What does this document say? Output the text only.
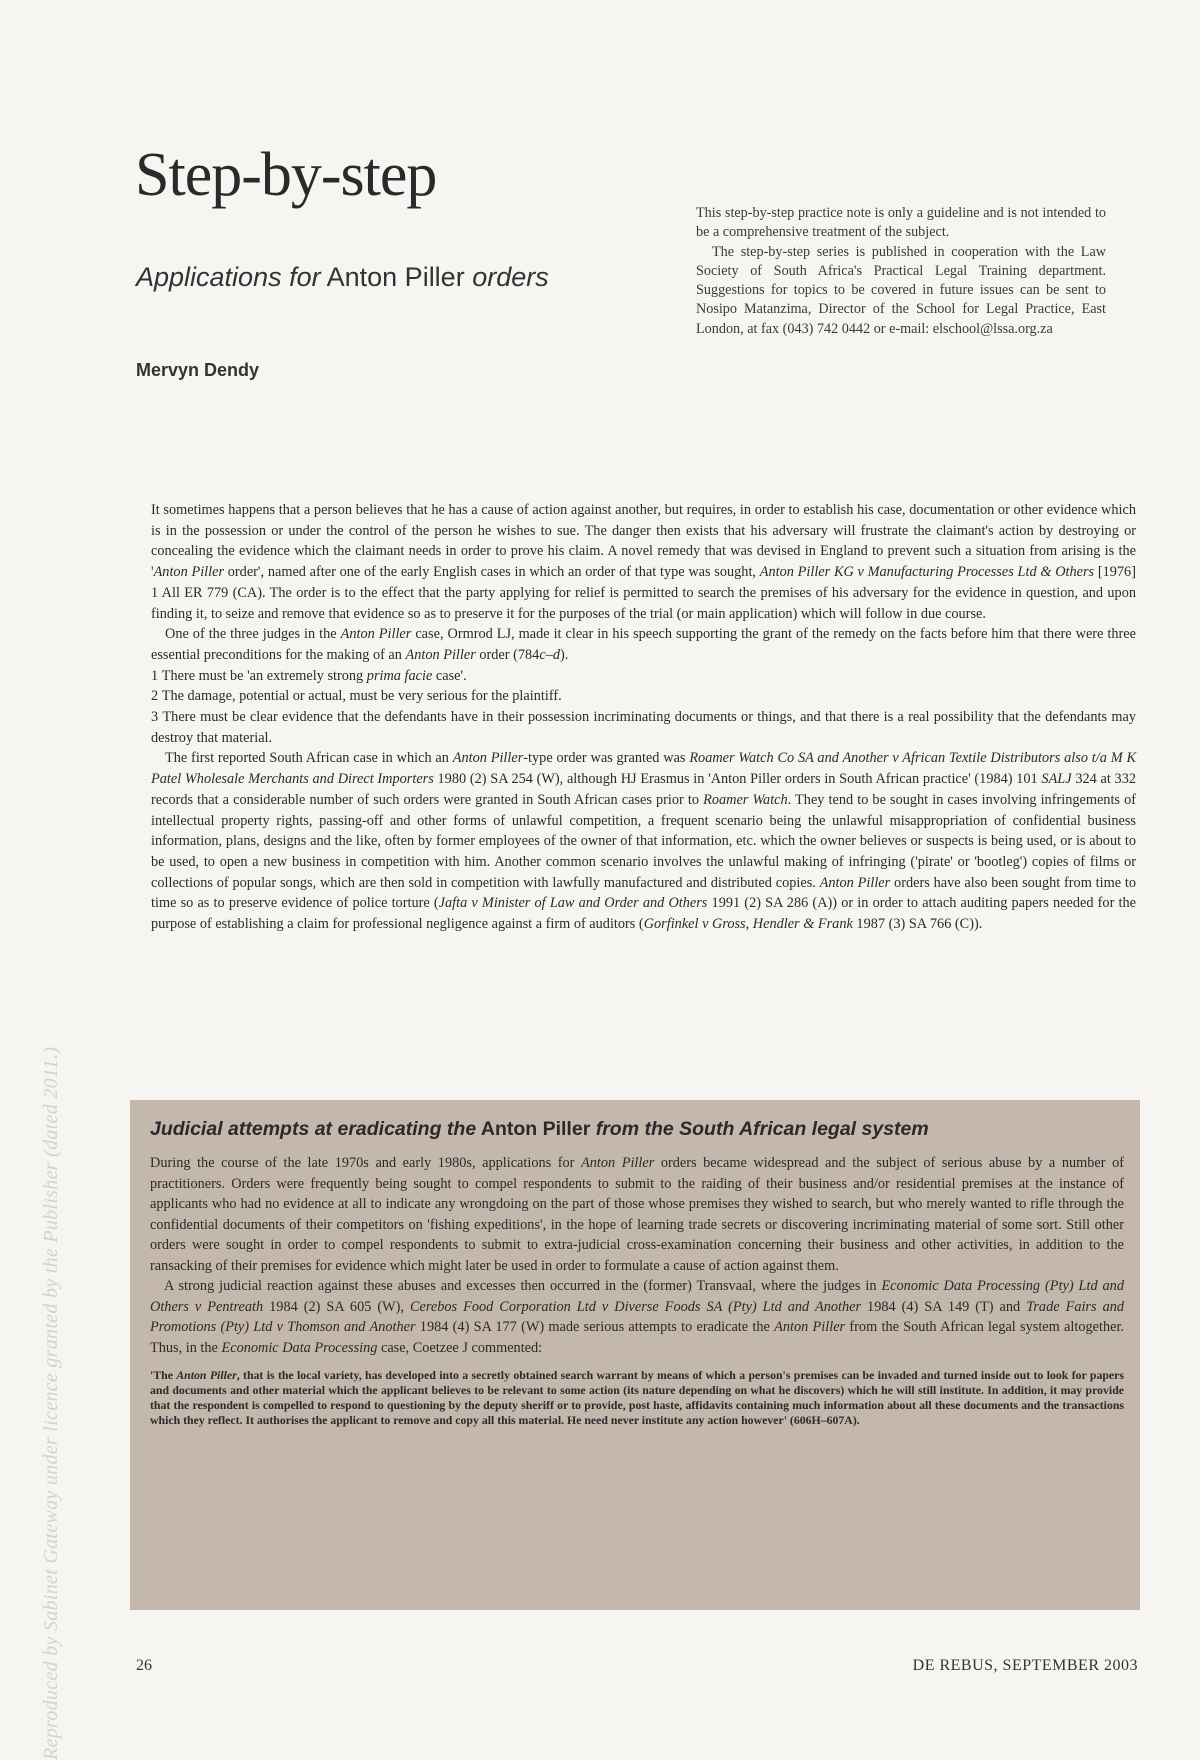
Step-by-step
Applications for Anton Piller orders
Mervyn Dendy

This step-by-step practice note is only a guideline and is not intended to be a comprehensive treatment of the subject.

The step-by-step series is published in cooperation with the Law Society of South Africa's Practical Legal Training department. Suggestions for topics to be covered in future issues can be sent to Nosipo Matanzima, Director of the School for Legal Practice, East London, at fax (043) 742 0442 or e-mail: elschool@lssa.org.za

It sometimes happens that a person believes that he has a cause of action against another, but requires, in order to establish his case, documentation or other evidence which is in the possession or under the control of the person he wishes to sue. The danger then exists that his adversary will frustrate the claimant's action by destroying or concealing the evidence which the claimant needs in order to prove his claim. A novel remedy that was devised in England to prevent such a situation from arising is the 'Anton Piller order', named after one of the early English cases in which an order of that type was sought, Anton Piller KG v Manufacturing Processes Ltd & Others [1976] 1 All ER 779 (CA). The order is to the effect that the party applying for relief is permitted to search the premises of his adversary for the evidence in question, and upon finding it, to seize and remove that evidence so as to preserve it for the purposes of the trial (or main application) which will follow in due course.

One of the three judges in the Anton Piller case, Ormrod LJ, made it clear in his speech supporting the grant of the remedy on the facts before him that there were three essential preconditions for the making of an Anton Piller order (784c–d).

1 There must be 'an extremely strong prima facie case'.

2 The damage, potential or actual, must be very serious for the plaintiff.

3 There must be clear evidence that the defendants have in their possession incriminating documents or things, and that there is a real possibility that the defendants may destroy that material.

The first reported South African case in which an Anton Piller-type order was granted was Roamer Watch Co SA and Another v African Textile Distributors also t/a M K Patel Wholesale Merchants and Direct Importers 1980 (2) SA 254 (W), although HJ Erasmus in 'Anton Piller orders in South African practice' (1984) 101 SALJ 324 at 332 records that a considerable number of such orders were granted in South African cases prior to Roamer Watch. They tend to be sought in cases involving infringements of intellectual property rights, passing-off and other forms of unlawful competition, a frequent scenario being the unlawful misappropriation of confidential business information, plans, designs and the like, often by former employees of the owner of that information, etc. which the owner believes or suspects is being used, or is about to be used, to open a new business in competition with him. Another common scenario involves the unlawful making of infringing ('pirate' or 'bootleg') copies of films or collections of popular songs, which are then sold in competition with lawfully manufactured and distributed copies. Anton Piller orders have also been sought from time to time so as to preserve evidence of police torture (Jafta v Minister of Law and Order and Others 1991 (2) SA 286 (A)) or in order to attach auditing papers needed for the purpose of establishing a claim for professional negligence against a firm of auditors (Gorfinkel v Gross, Hendler & Frank 1987 (3) SA 766 (C)).

Judicial attempts at eradicating the Anton Piller from the South African legal system

During the course of the late 1970s and early 1980s, applications for Anton Piller orders became widespread and the subject of serious abuse by a number of practitioners. Orders were frequently being sought to compel respondents to submit to the raiding of their business and/or residential premises at the instance of applicants who had no evidence at all to indicate any wrongdoing on the part of those whose premises they wished to search, but who merely wanted to rifle through the confidential documents of their competitors on 'fishing expeditions', in the hope of learning trade secrets or discovering incriminating material of some sort. Still other orders were sought in order to compel respondents to submit to extra-judicial cross-examination concerning their business and other activities, in addition to the ransacking of their premises for evidence which might later be used in order to formulate a cause of action against them.

A strong judicial reaction against these abuses and excesses then occurred in the (former) Transvaal, where the judges in Economic Data Processing (Pty) Ltd and Others v Pentreath 1984 (2) SA 605 (W), Cerebos Food Corporation Ltd v Diverse Foods SA (Pty) Ltd and Another 1984 (4) SA 149 (T) and Trade Fairs and Promotions (Pty) Ltd v Thomson and Another 1984 (4) SA 177 (W) made serious attempts to eradicate the Anton Piller from the South African legal system altogether. Thus, in the Economic Data Processing case, Coetzee J commented:

'The Anton Piller, that is the local variety, has developed into a secretly obtained search warrant by means of which a person's premises can be invaded and turned inside out to look for papers and documents and other material which the applicant believes to be relevant to some action (its nature depending on what he discovers) which he will still institute. In addition, it may provide that the respondent is compelled to respond to questioning by the deputy sheriff or to provide, post haste, affidavits containing much information about all these documents and the transactions which they reflect. It authorises the applicant to remove and copy all this material. He need never institute any action however' (606H–607A).

26	DE REBUS, SEPTEMBER 2003
Reproduced by Sabinet Gateway under licence granted by the Publisher (dated 2011.)
